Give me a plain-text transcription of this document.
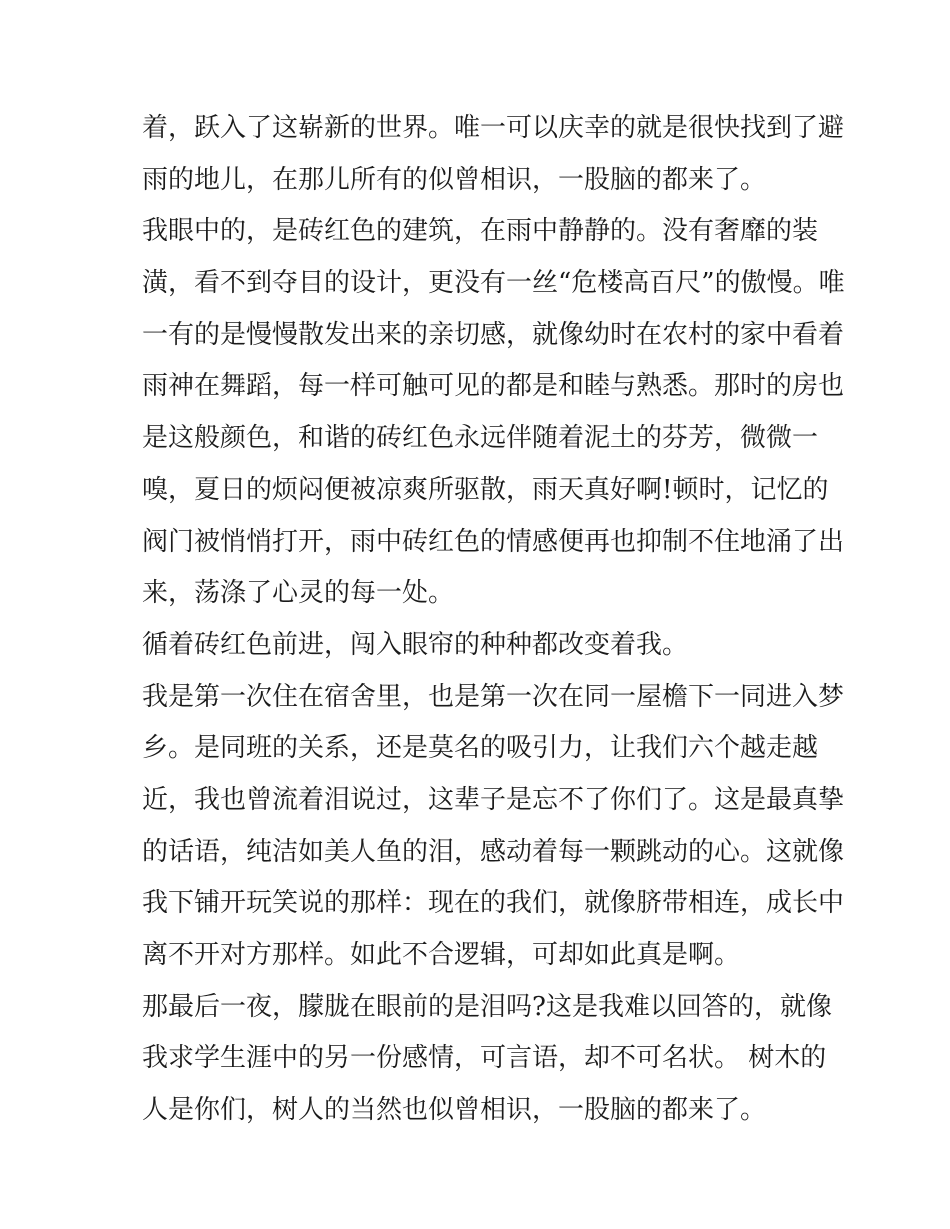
着，跃入了这崭新的世界。唯一可以庆幸的就是很快找到了避
雨的地儿，在那儿所有的似曾相识，一股脑的都来了。
我眼中的，是砖红色的建筑，在雨中静静的。没有奢靡的装
潢，看不到夺目的设计，更没有一丝“危楼高百尺”的傲慢。唯
一有的是慢慢散发出来的亲切感，就像幼时在农村的家中看着
雨神在舞蹈，每一样可触可见的都是和睦与熟悉。那时的房也
是这般颜色，和谐的砖红色永远伴随着泥土的芬芳，微微一
嗅，夏日的烦闷便被凉爽所驱散，雨天真好啊!顿时，记忆的
阀门被悄悄打开，雨中砖红色的情感便再也抑制不住地涌了出
来，荡涤了心灵的每一处。
循着砖红色前进，闯入眼帘的种种都改变着我。
我是第一次住在宿舍里，也是第一次在同一屋檐下一同进入梦
乡。是同班的关系，还是莫名的吸引力，让我们六个越走越
近，我也曾流着泪说过，这辈子是忘不了你们了。这是最真挚
的话语，纯洁如美人鱼的泪，感动着每一颗跳动的心。这就像
我下铺开玩笑说的那样：现在的我们，就像脐带相连，成长中
离不开对方那样。如此不合逻辑，可却如此真是啊。
那最后一夜，朦胧在眼前的是泪吗?这是我难以回答的，就像
我求学生涯中的另一份感情，可言语，却不可名状。 树木的
人是你们，树人的当然也似曾相识，一股脑的都来了。
